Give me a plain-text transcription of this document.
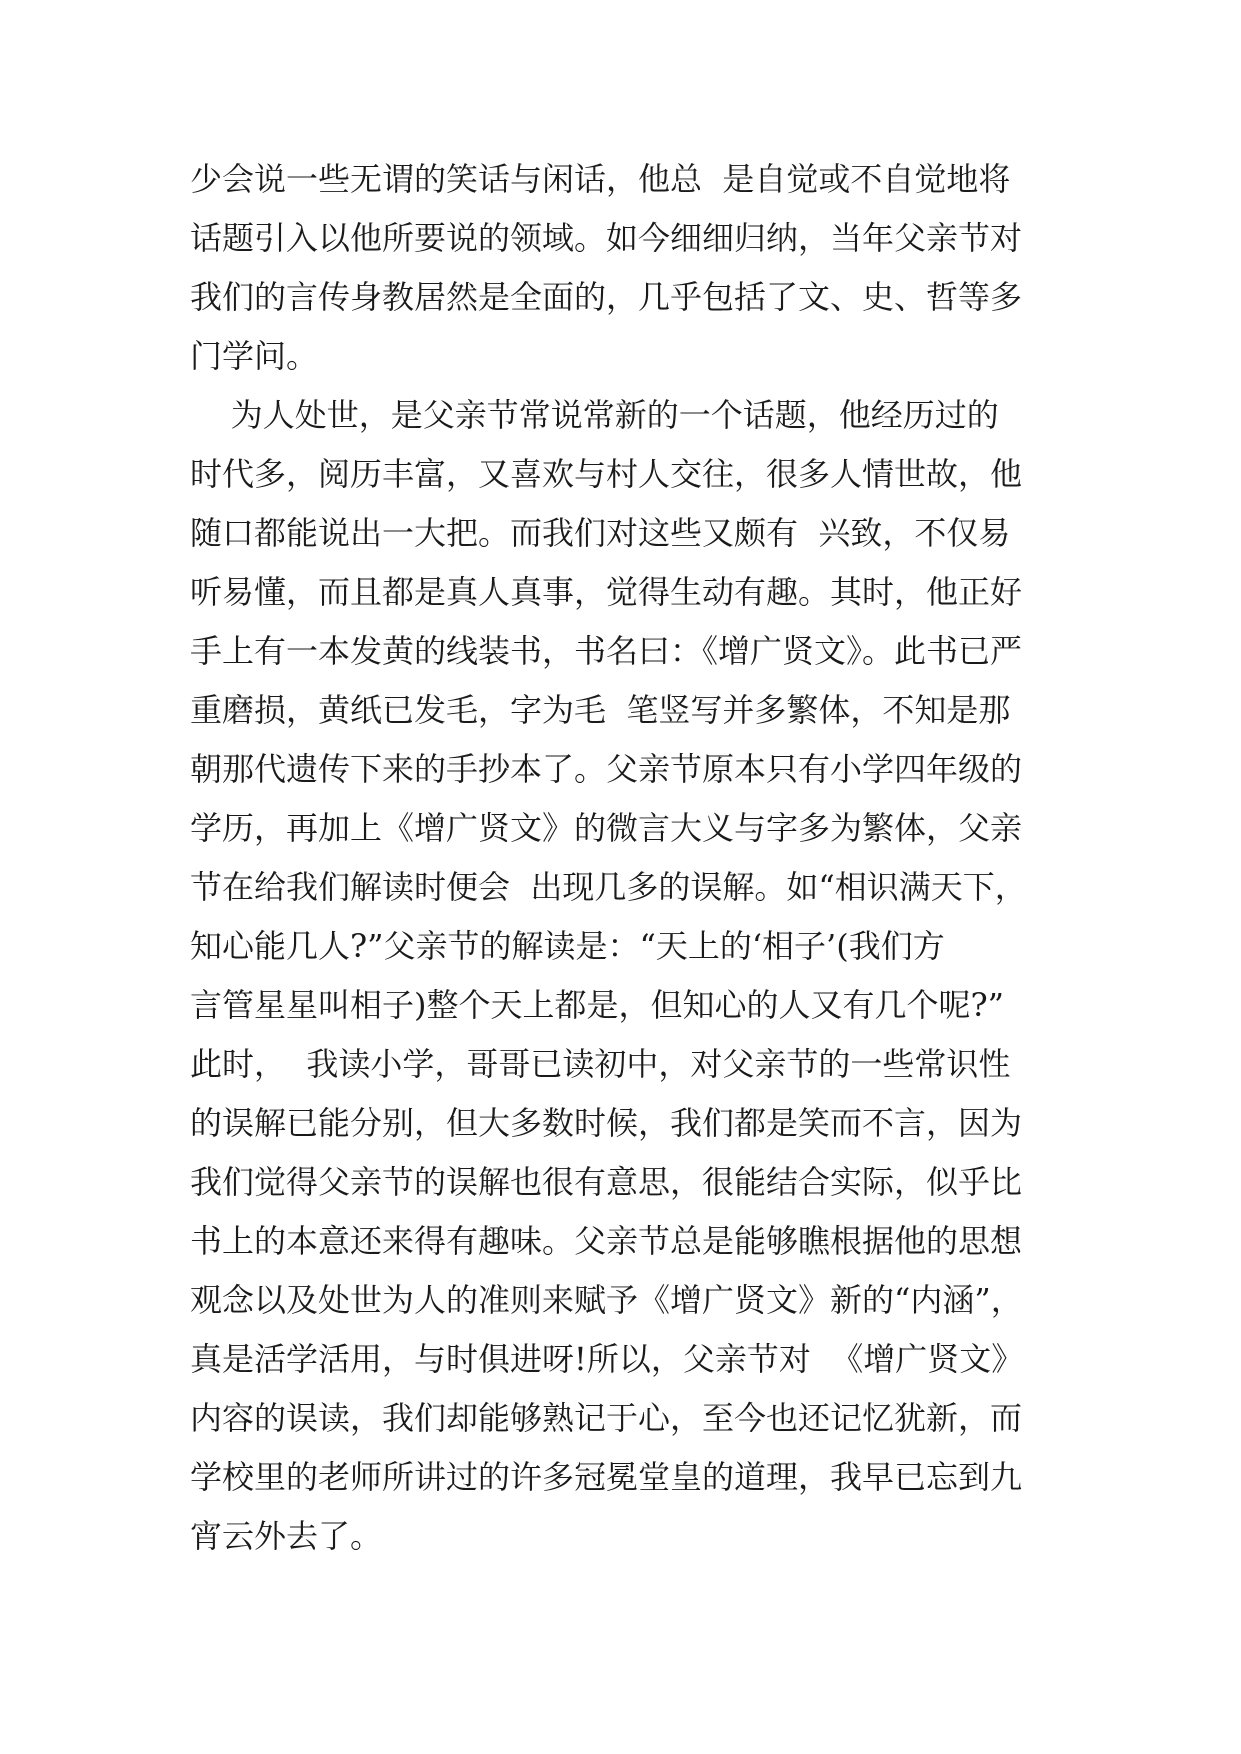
少会说一些无谓的笑话与闲话，他总  是自觉或不自觉地将
话题引入以他所要说的领域。如今细细归纳，当年父亲节对
我们的言传身教居然是全面的，几乎包括了文、史、哲等多
门学问。
为人处世，是父亲节常说常新的一个话题，他经历过的
时代多，阅历丰富，又喜欢与村人交往，很多人情世故，他
随口都能说出一大把。而我们对这些又颇有  兴致，不仅易
听易懂，而且都是真人真事，觉得生动有趣。其时，他正好
手上有一本发黄的线装书，书名曰：《增广贤文》。此书已严
重磨损，黄纸已发毛，字为毛  笔竖写并多繁体，不知是那
朝那代遗传下来的手抄本了。父亲节原本只有小学四年级的
学历，再加上《增广贤文》的微言大义与字多为繁体，父亲
节在给我们解读时便会  出现几多的误解。如“相识满天下，
知心能几人?”父亲节的解读是：“天上的‘相子’(我们方
言管星星叫相子)整个天上都是，但知心的人又有几个呢?”
此时，  我读小学，哥哥已读初中，对父亲节的一些常识性
的误解已能分别，但大多数时候，我们都是笑而不言，因为
我们觉得父亲节的误解也很有意思，很能结合实际，似乎比
书上的本意还来得有趣味。父亲节总是能够瞧根据他的思想
观念以及处世为人的准则来赋予《增广贤文》新的“内涵”，
真是活学活用，与时俱进呀!所以，父亲节对  《增广贤文》
内容的误读，我们却能够熟记于心，至今也还记忆犹新，而
学校里的老师所讲过的许多冠冕堂皇的道理，我早已忘到九
宵云外去了。
